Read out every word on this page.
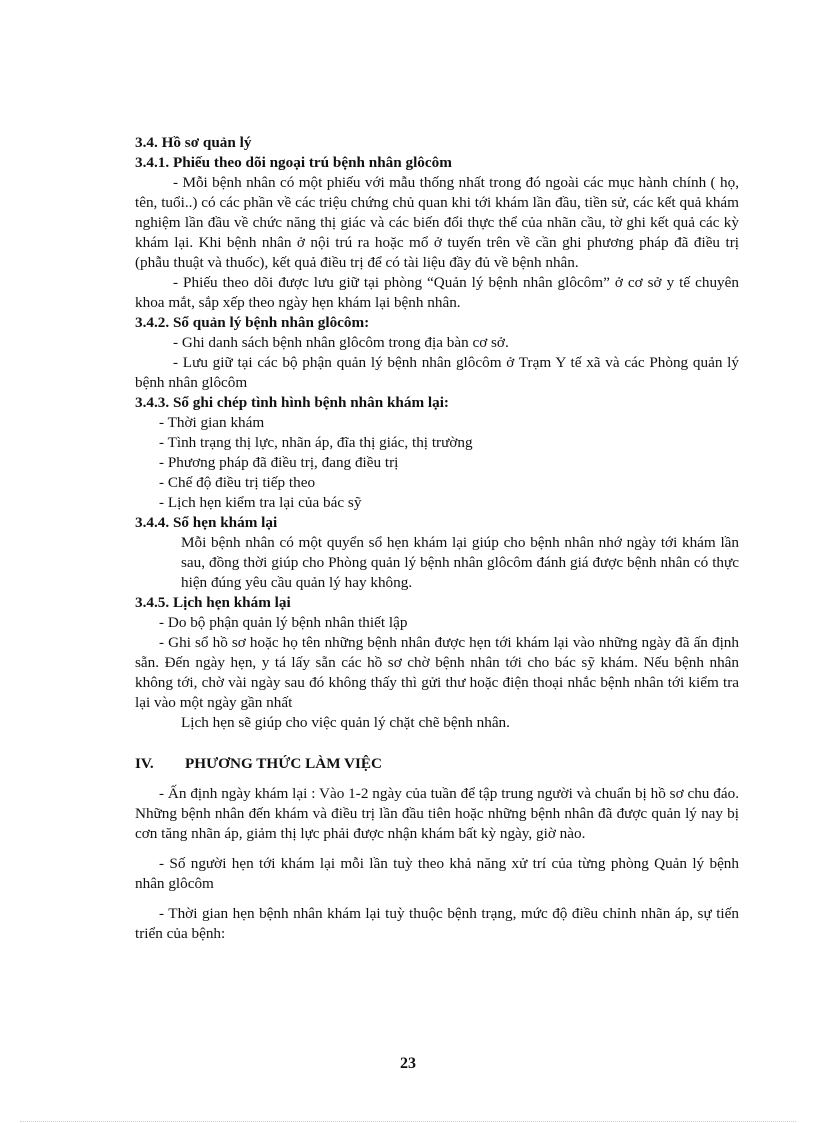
3.4. Hồ sơ quản lý

3.4.1. Phiếu theo dõi ngoại trú bệnh nhân glôcôm

- Mỗi bệnh nhân có một phiếu với mẫu thống nhất trong đó ngoài các mục hành chính ( họ, tên, tuổi..) có các phần về các triệu chứng chủ quan khi tới khám lần đầu, tiền sử, các kết quả khám nghiệm lần đầu về chức năng thị giác và các biến đổi thực thể của nhãn cầu, tờ ghi kết quả các kỳ khám lại. Khi bệnh nhân ở nội trú ra hoặc mổ ở tuyến trên về cần ghi phương pháp đã điều trị (phẫu thuật và thuốc), kết quả điều trị để có tài liệu đầy đủ về bệnh nhân.

- Phiếu theo dõi được lưu giữ tại phòng “Quản lý bệnh nhân glôcôm” ở cơ sở y tế chuyên khoa mắt, sắp xếp theo ngày hẹn khám lại bệnh nhân.

3.4.2. Sổ quản lý bệnh nhân glôcôm:

- Ghi danh sách bệnh nhân glôcôm trong địa bàn cơ sở.

- Lưu giữ tại các bộ phận quản lý bệnh nhân glôcôm ở Trạm Y tế xã và các Phòng quản lý bệnh nhân glôcôm

3.4.3. Sổ ghi chép tình hình bệnh nhân khám lại:

- Thời gian khám

- Tình trạng thị lực, nhãn áp, đĩa thị giác, thị trường

- Phương pháp đã điều trị, đang điều trị

- Chế độ điều trị tiếp theo

- Lịch hẹn kiểm tra lại của bác sỹ

3.4.4. Sổ hẹn khám lại

Mỗi bệnh nhân có một quyển sổ hẹn khám lại giúp cho bệnh nhân nhớ ngày tới khám lần sau, đồng thời giúp cho Phòng quản lý bệnh nhân glôcôm đánh giá được bệnh nhân có thực hiện đúng yêu cầu quản lý hay không.

3.4.5. Lịch hẹn khám lại

- Do bộ phận quản lý bệnh nhân thiết lập

- Ghi sổ hồ sơ hoặc họ tên những bệnh nhân được hẹn tới khám lại vào những ngày đã ấn định sẵn. Đến ngày hẹn, y tá lấy sẵn các hồ sơ chờ bệnh nhân tới cho bác sỹ khám. Nếu bệnh nhân không tới, chờ vài ngày sau đó không thấy thì gửi thư hoặc điện thoại nhắc bệnh nhân tới kiểm tra lại vào một ngày gần nhất

Lịch hẹn sẽ giúp cho việc quản lý chặt chẽ bệnh nhân.

IV.	PHƯƠNG THỨC LÀM VIỆC

- Ấn định ngày khám lại : Vào 1-2 ngày của tuần để tập trung người và chuẩn bị hồ sơ chu đáo. Những bệnh nhân đến khám và điều trị lần đầu tiên hoặc những bệnh nhân đã được quản lý nay bị cơn tăng nhãn áp, giảm thị lực phải được nhận khám bất kỳ ngày, giờ nào.

- Số người hẹn tới khám lại mỗi lần tuỳ theo khả năng xử trí của từng phòng Quản lý bệnh nhân glôcôm

- Thời gian hẹn bệnh nhân khám lại tuỳ thuộc bệnh trạng, mức độ điều chỉnh nhãn áp, sự tiến triển của bệnh:

23
